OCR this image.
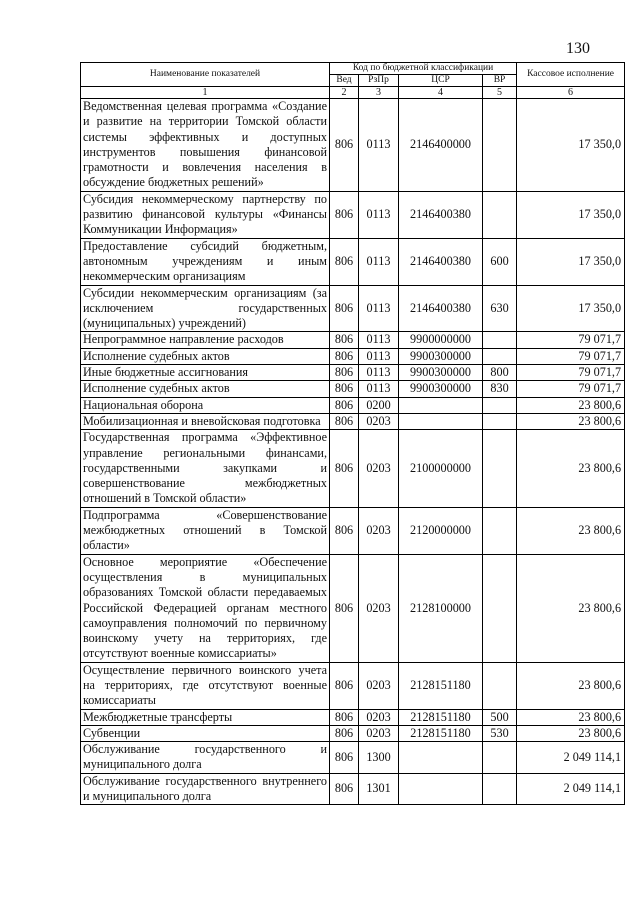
130
Наименование показателей	Код по бюджетной классификации				Кассовое исполнение
	Вед	РзПр	ЦСР	ВР	
1	2	3	4	5	6
Ведомственная целевая программа «Создание и развитие на территории Томской области системы эффективных и доступных инструментов повышения финансовой грамотности и вовлечения населения в обсуждение бюджетных решений»	806	0113	2146400000		17 350,0
Субсидия некоммерческому партнерству по развитию финансовой культуры «Финансы Коммуникации Информация»	806	0113	2146400380		17 350,0
Предоставление субсидий бюджетным, автономным учреждениям и иным некоммерческим организациям	806	0113	2146400380	600	17 350,0
Субсидии некоммерческим организациям (за исключением государственных (муниципальных) учреждений)	806	0113	2146400380	630	17 350,0
Непрограммное направление расходов	806	0113	9900000000		79 071,7
Исполнение судебных актов	806	0113	9900300000		79 071,7
Иные бюджетные ассигнования	806	0113	9900300000	800	79 071,7
Исполнение судебных актов	806	0113	9900300000	830	79 071,7
Национальная оборона	806	0200			23 800,6
Мобилизационная и вневойсковая подготовка	806	0203			23 800,6
Государственная программа «Эффективное управление региональными финансами, государственными закупками и совершенствование межбюджетных отношений в Томской области»	806	0203	2100000000		23 800,6
Подпрограмма «Совершенствование межбюджетных отношений в Томской области»	806	0203	2120000000		23 800,6
Основное мероприятие «Обеспечение осуществления в муниципальных образованиях Томской области передаваемых Российской Федерацией органам местного самоуправления полномочий по первичному воинскому учету на территориях, где отсутствуют военные комиссариаты»	806	0203	2128100000		23 800,6
Осуществление первичного воинского учета на территориях, где отсутствуют военные комиссариаты	806	0203	2128151180		23 800,6
Межбюджетные трансферты	806	0203	2128151180	500	23 800,6
Субвенции	806	0203	2128151180	530	23 800,6
Обслуживание государственного и муниципального долга	806	1300			2 049 114,1
Обслуживание государственного внутреннего и муниципального долга	806	1301			2 049 114,1
